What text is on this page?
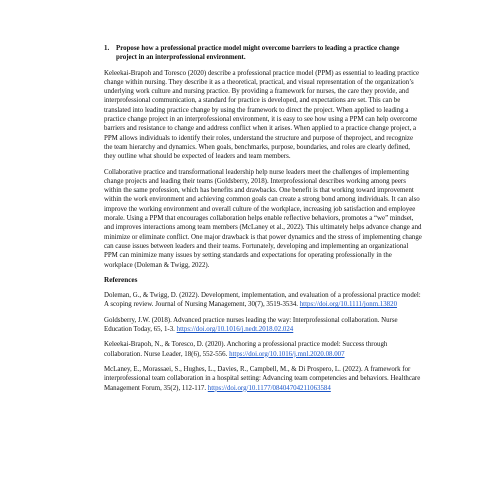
1. Propose how a professional practice model might overcome barriers to leading a practice change project in an interprofessional environment.

Keleekai-Brapoh and Toresco (2020) describe a professional practice model (PPM) as essential to leading practice change within nursing. They describe it as a theoretical, practical, and visual representation of the organization’s underlying work culture and nursing practice. By providing a framework for nurses, the care they provide, and interprofessional communication, a standard for practice is developed, and expectations are set. This can be translated into leading practice change by using the framework to direct the project. When applied to leading a practice change project in an interprofessional environment, it is easy to see how using a PPM can help overcome barriers and resistance to change and address conflict when it arises. When applied to a practice change project, a PPM allows individuals to identify their roles, understand the structure and purpose of theproject, and recognize the team hierarchy and dynamics. When goals, benchmarks, purpose, boundaries, and roles are clearly defined, they outline what should be expected of leaders and team members.

Collaborative practice and transformational leadership help nurse leaders meet the challenges of implementing change projects and leading their teams (Goldsberry, 2018). Interprofessional describes working among peers within the same profession, which has benefits and drawbacks. One benefit is that working toward improvement within the work environment and achieving common goals can create a strong bond among individuals. It can also improve the working environment and overall culture of the workplace, increasing job satisfaction and employee morale. Using a PPM that encourages collaboration helps enable reflective behaviors, promotes a “we” mindset, and improves interactions among team members (McLaney et al., 2022). This ultimately helps advance change and minimize or eliminate conflict. One major drawback is that power dynamics and the stress of implementing change can cause issues between leaders and their teams. Fortunately, developing and implementing an organizational PPM can minimize many issues by setting standards and expectations for operating professionally in the workplace (Doleman & Twigg, 2022).

References
Doleman, G., & Twigg, D. (2022). Development, implementation, and evaluation of a professional practice model: A scoping review. Journal of Nursing Management, 30(7), 3519-3534. https://doi.org/10.1111/jonm.13820
Goldsberry, J.W. (2018). Advanced practice nurses leading the way: Interprofessional collaboration. Nurse Education Today, 65, 1-3. https://doi.org/10.1016/j.nedt.2018.02.024
Keleekai-Brapoh, N., & Toresco, D. (2020). Anchoring a professional practice model: Success through collaboration. Nurse Leader, 18(6), 552-556. https://doi.org/10.1016/j.mnl.2020.08.007
McLaney, E., Morassaei, S., Hughes, L., Davies, R., Campbell, M., & Di Prospero, L. (2022). A framework for interprofessional team collaboration in a hospital setting: Advancing team competencies and behaviors. Healthcare Management Forum, 35(2), 112-117. https://doi.org/10.1177/08404704211063584
